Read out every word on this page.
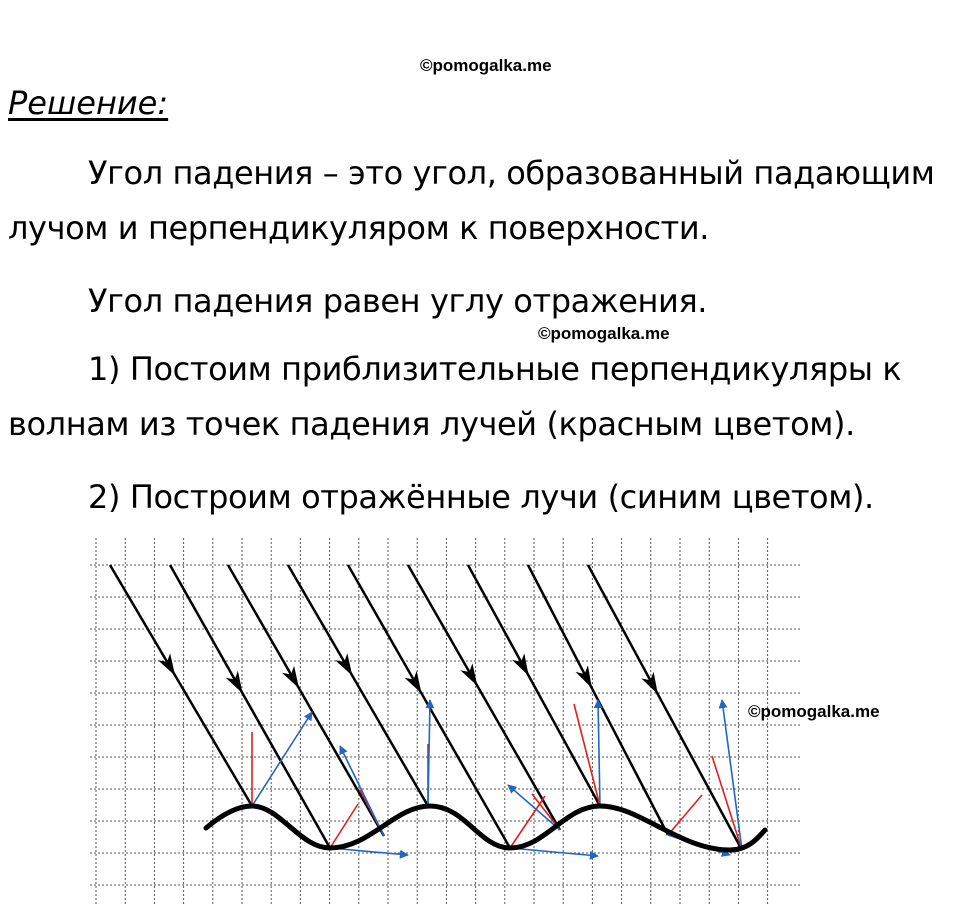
©pomogalka.me
Решение:

Угол падения – это угол, образованный падающим лучом и перпендикуляром к поверхности.

Угол падения равен углу отражения.

©pomogalka.me

1) Постоим приблизительные перпендикуляры к волнам из точек падения лучей (красным цветом).

2) Построим отражённые лучи (синим цветом).

©pomogalka.me
